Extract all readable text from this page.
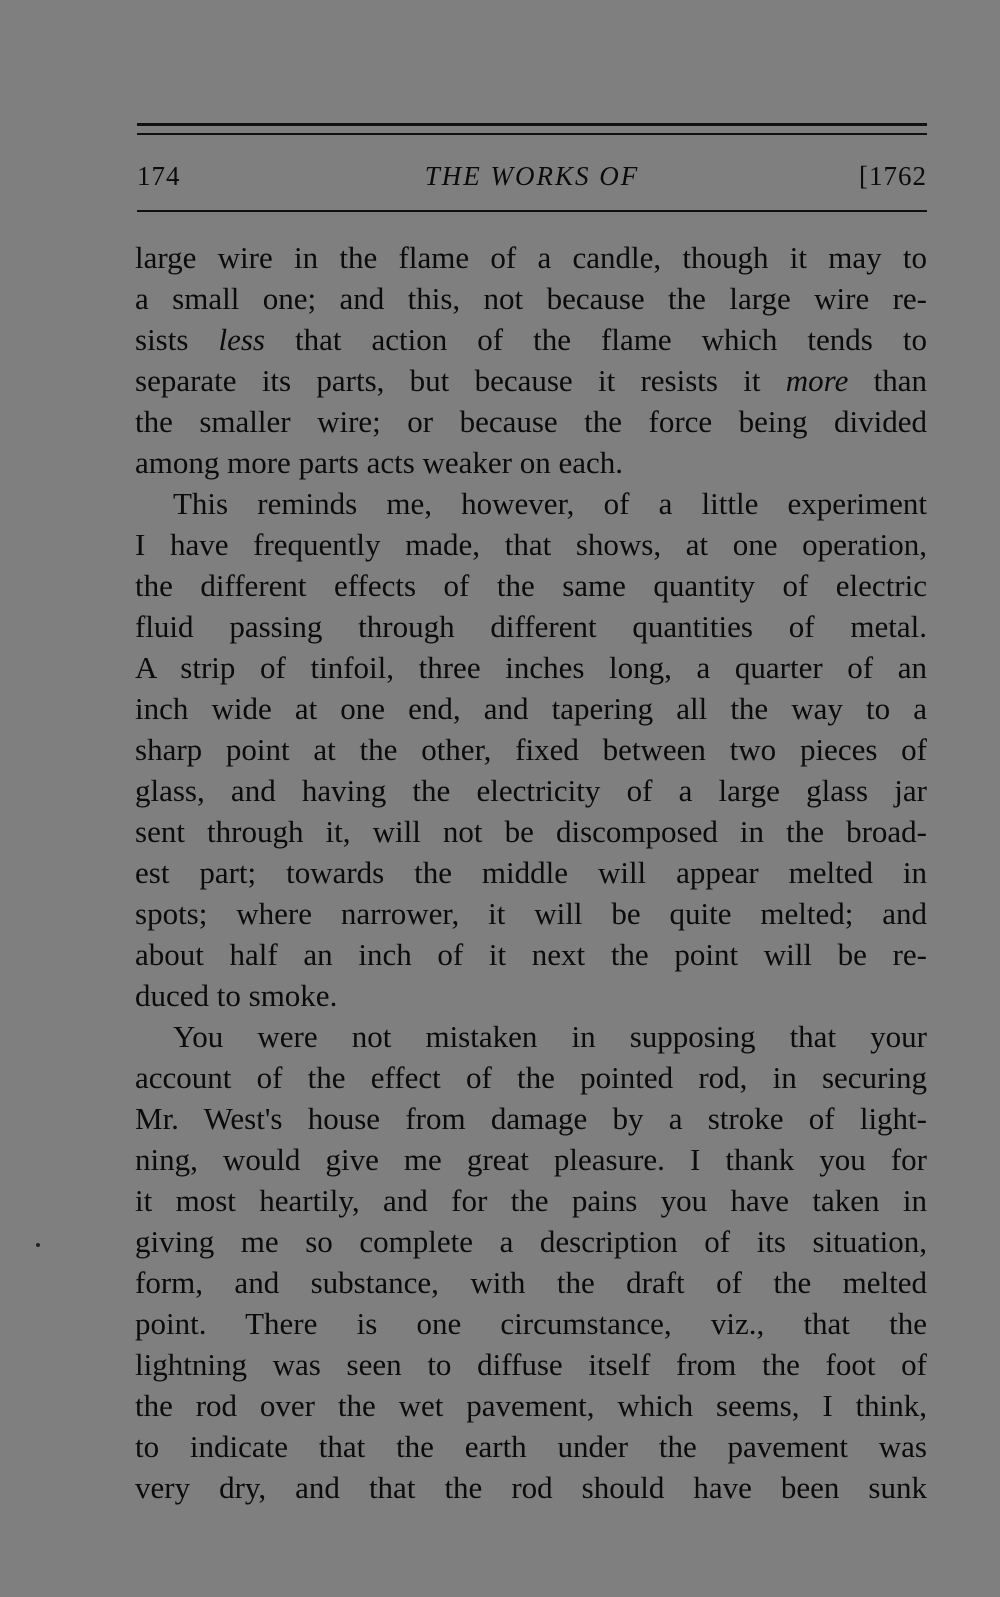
174	THE WORKS OF	[1762
large wire in the flame of a candle, though it may to
a small one; and this, not because the large wire re-
sists less that action of the flame which tends to
separate its parts, but because it resists it more than
the smaller wire; or because the force being divided
among more parts acts weaker on each.
This reminds me, however, of a little experiment
I have frequently made, that shows, at one operation,
the different effects of the same quantity of electric
fluid passing through different quantities of metal.
A strip of tinfoil, three inches long, a quarter of an
inch wide at one end, and tapering all the way to a
sharp point at the other, fixed between two pieces of
glass, and having the electricity of a large glass jar
sent through it, will not be discomposed in the broad-
est part; towards the middle will appear melted in
spots; where narrower, it will be quite melted; and
about half an inch of it next the point will be re-
duced to smoke.
You were not mistaken in supposing that your
account of the effect of the pointed rod, in securing
Mr. West's house from damage by a stroke of light-
ning, would give me great pleasure. I thank you for
it most heartily, and for the pains you have taken in
giving me so complete a description of its situation,
form, and substance, with the draft of the melted
point. There is one circumstance, viz., that the
lightning was seen to diffuse itself from the foot of
the rod over the wet pavement, which seems, I think,
to indicate that the earth under the pavement was
very dry, and that the rod should have been sunk
